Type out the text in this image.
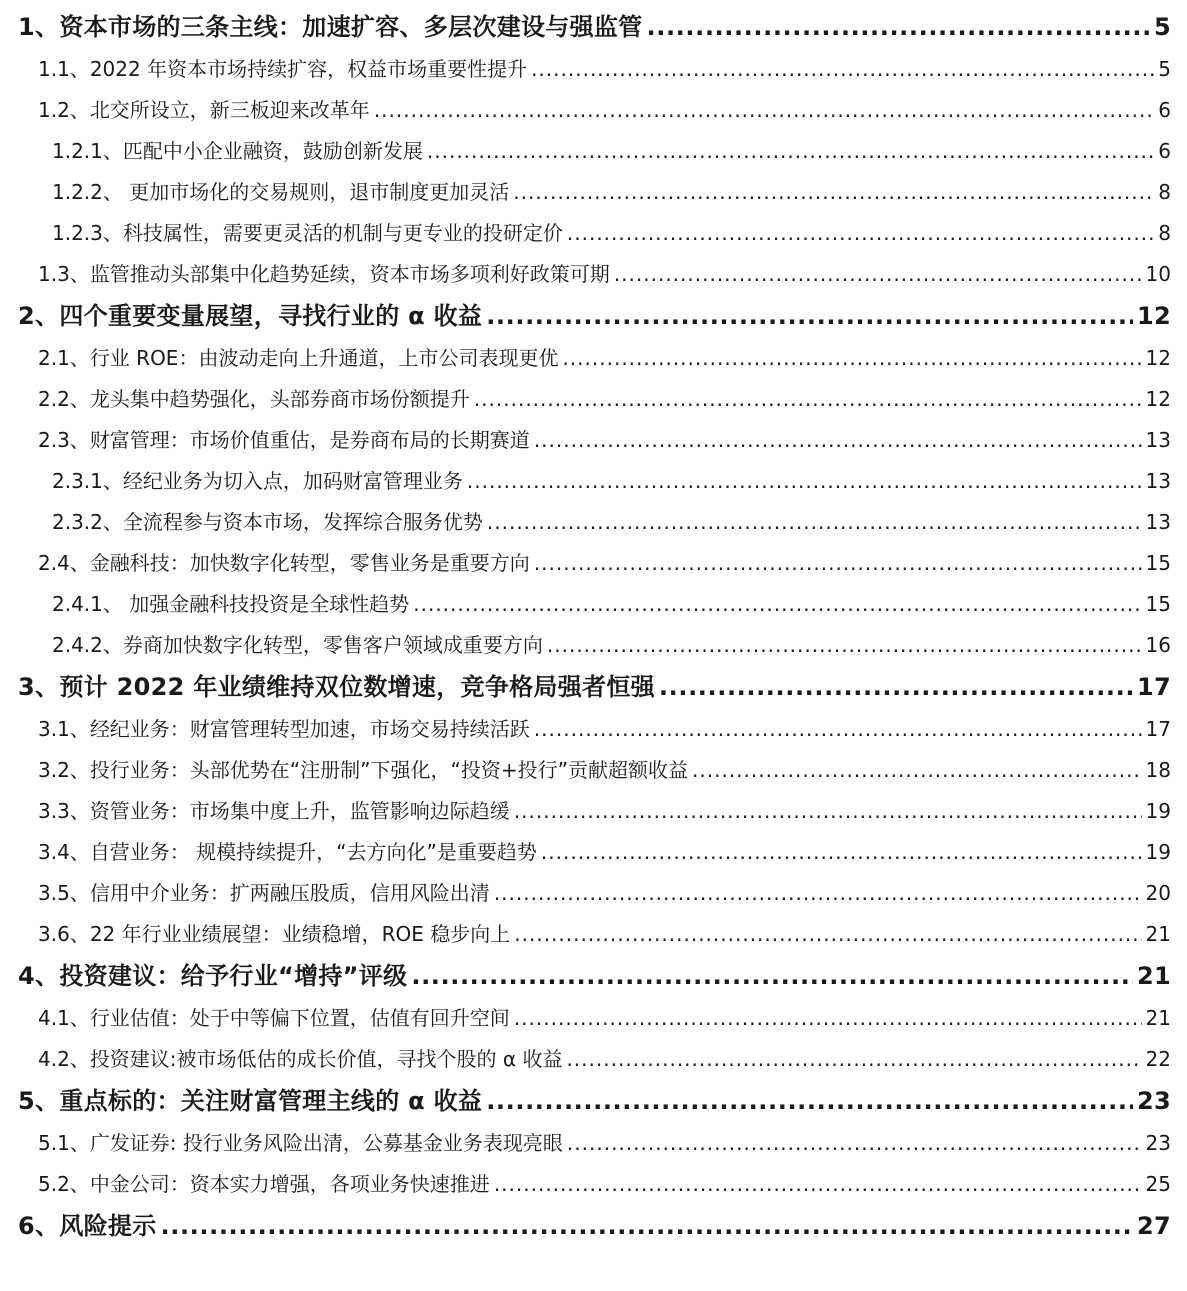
1、 资本市场的三条主线：加速扩容、多层次建设与强监管 .....	5
1.1、 2022 年资本市场持续扩容，权益市场重要性提升 .....	5
1.2、 北交所设立，新三板迎来改革年 .....	6
1.2.1、 匹配中小企业融资，鼓励创新发展 .....	6
1.2.2、 更加市场化的交易规则，退市制度更加灵活 .....	8
1.2.3、 科技属性，需要更灵活的机制与更专业的投研定价 .....	8
1.3、 监管推动头部集中化趋势延续，资本市场多项利好政策可期 .....	10
2、 四个重要变量展望，寻找行业的 α 收益 .....	12
2.1、 行业 ROE：由波动走向上升通道，上市公司表现更优 .....	12
2.2、 龙头集中趋势强化，头部券商市场份额提升 .....	12
2.3、 财富管理：市场价值重估，是券商布局的长期赛道 .....	13
2.3.1、 经纪业务为切入点，加码财富管理业务 .....	13
2.3.2、 全流程参与资本市场，发挥综合服务优势 .....	13
2.4、 金融科技：加快数字化转型，零售业务是重要方向 .....	15
2.4.1、 加强金融科技投资是全球性趋势 .....	15
2.4.2、 券商加快数字化转型，零售客户领域成重要方向 .....	16
3、 预计 2022 年业绩维持双位数增速，竞争格局强者恒强 .....	17
3.1、 经纪业务：财富管理转型加速，市场交易持续活跃 .....	17
3.2、 投行业务：头部优势在“注册制”下强化，“投资+投行”贡献超额收益 .....	18
3.3、 资管业务：市场集中度上升，监管影响边际趋缓 .....	19
3.4、 自营业务： 规模持续提升，“去方向化”是重要趋势 .....	19
3.5、 信用中介业务：扩两融压股质，信用风险出清 .....	20
3.6、 22 年行业业绩展望：业绩稳增，ROE 稳步向上 .....	21
4、 投资建议：给予行业“增持”评级 .....	21
4.1、 行业估值：处于中等偏下位置，估值有回升空间 .....	21
4.2、 投资建议:被市场低估的成长价值，寻找个股的 α 收益 .....	22
5、 重点标的：关注财富管理主线的 α 收益 .....	23
5.1、 广发证券: 投行业务风险出清，公募基金业务表现亮眼 .....	23
5.2、 中金公司：资本实力增强，各项业务快速推进 .....	25
6、 风险提示 .....	27
